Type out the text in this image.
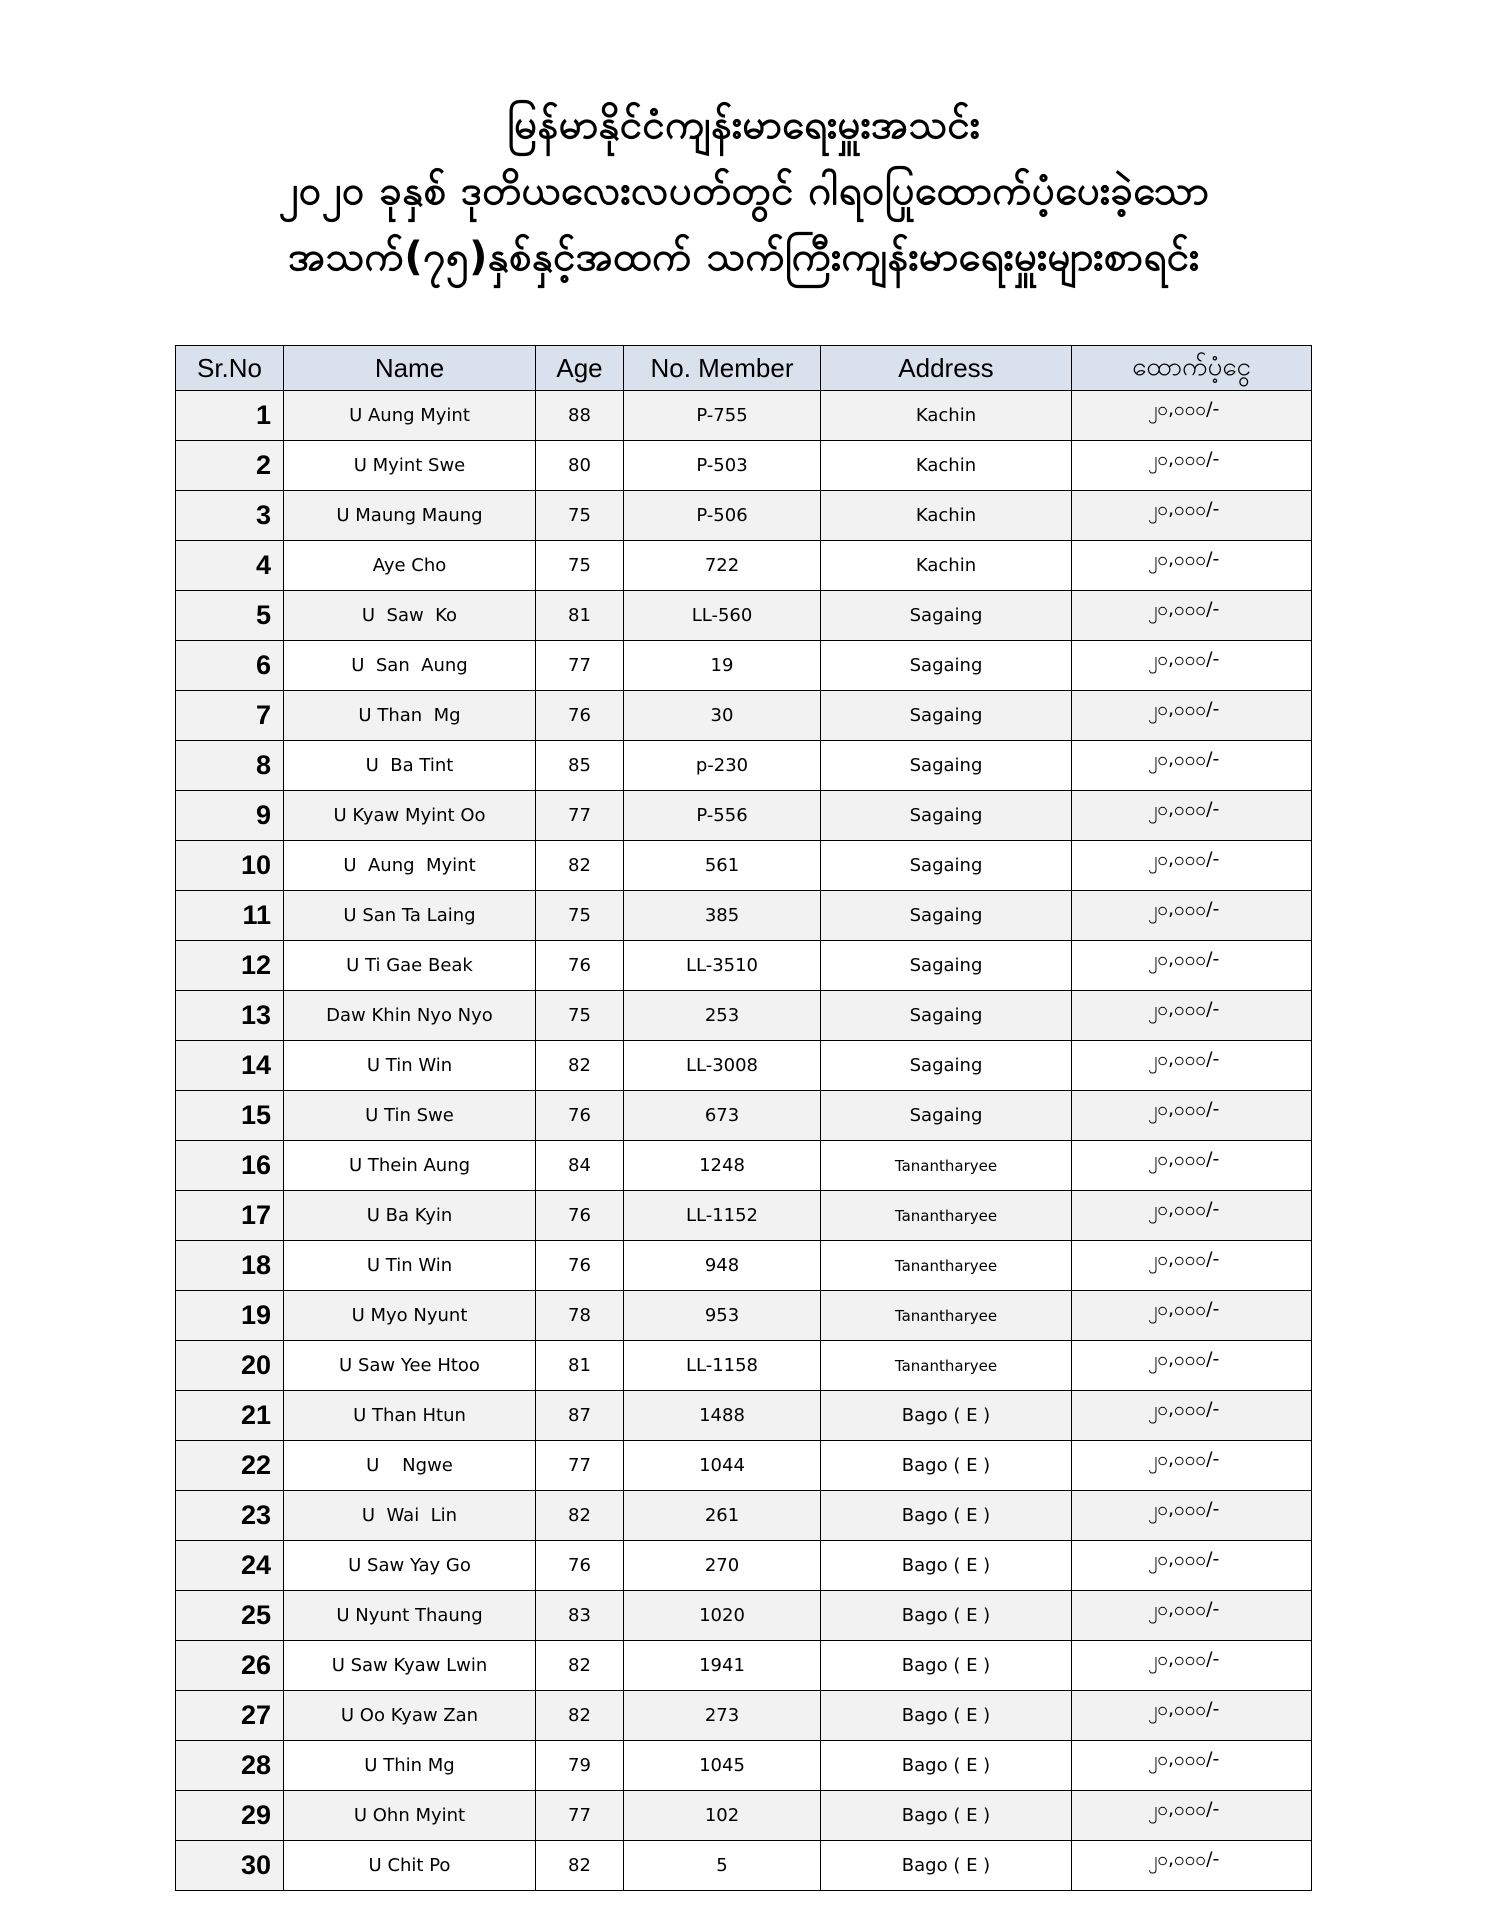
မြန်မာနိုင်ငံကျန်းမာရေးမှူးအသင်း
၂၀၂၀ ခုနှစ် ဒုတိယလေးလပတ်တွင် ဂါရဝပြုထောက်ပံ့ပေးခဲ့သော
အသက်(၇၅)နှစ်နှင့်အထက် သက်ကြီးကျန်းမာရေးမှူးများစာရင်း
Sr.No	Name	Age	No. Member	Address	ထောက်ပံ့ငွေ
1	U Aung Myint	88	P-755	Kachin	၂၀,၀၀၀/-
2	U Myint Swe	80	P-503	Kachin	၂၀,၀၀၀/-
3	U Maung Maung	75	P-506	Kachin	၂၀,၀၀၀/-
4	Aye Cho	75	722	Kachin	၂၀,၀၀၀/-
5	U  Saw  Ko	81	LL-560	Sagaing	၂၀,၀၀၀/-
6	U  San  Aung	77	19	Sagaing	၂၀,၀၀၀/-
7	U Than  Mg	76	30	Sagaing	၂၀,၀၀၀/-
8	U  Ba Tint	85	p-230	Sagaing	၂၀,၀၀၀/-
9	U Kyaw Myint Oo	77	P-556	Sagaing	၂၀,၀၀၀/-
10	U  Aung  Myint	82	561	Sagaing	၂၀,၀၀၀/-
11	U San Ta Laing	75	385	Sagaing	၂၀,၀၀၀/-
12	U Ti Gae Beak	76	LL-3510	Sagaing	၂၀,၀၀၀/-
13	Daw Khin Nyo Nyo	75	253	Sagaing	၂၀,၀၀၀/-
14	U Tin Win	82	LL-3008	Sagaing	၂၀,၀၀၀/-
15	U Tin Swe	76	673	Sagaing	၂၀,၀၀၀/-
16	U Thein Aung	84	1248	Tanantharyee	၂၀,၀၀၀/-
17	U Ba Kyin	76	LL-1152	Tanantharyee	၂၀,၀၀၀/-
18	U Tin Win	76	948	Tanantharyee	၂၀,၀၀၀/-
19	U Myo Nyunt	78	953	Tanantharyee	၂၀,၀၀၀/-
20	U Saw Yee Htoo	81	LL-1158	Tanantharyee	၂၀,၀၀၀/-
21	U Than Htun	87	1488	Bago ( E )	၂၀,၀၀၀/-
22	U    Ngwe	77	1044	Bago ( E )	၂၀,၀၀၀/-
23	U  Wai  Lin	82	261	Bago ( E )	၂၀,၀၀၀/-
24	U Saw Yay Go	76	270	Bago ( E )	၂၀,၀၀၀/-
25	U Nyunt Thaung	83	1020	Bago ( E )	၂၀,၀၀၀/-
26	U Saw Kyaw Lwin	82	1941	Bago ( E )	၂၀,၀၀၀/-
27	U Oo Kyaw Zan	82	273	Bago ( E )	၂၀,၀၀၀/-
28	U Thin Mg	79	1045	Bago ( E )	၂၀,၀၀၀/-
29	U Ohn Myint	77	102	Bago ( E )	၂၀,၀၀၀/-
30	U Chit Po	82	5	Bago ( E )	၂၀,၀၀၀/-
